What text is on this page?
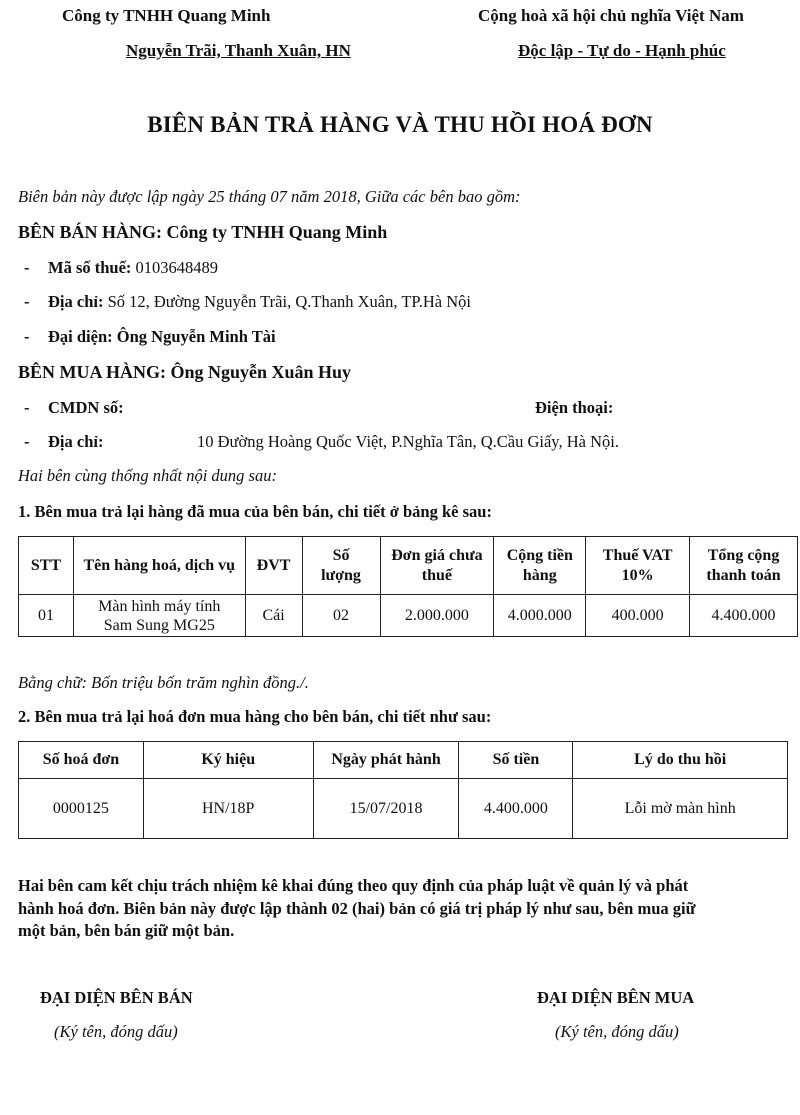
Công ty TNHH Quang Minh
Nguyễn Trãi, Thanh Xuân, HN
Cộng hoà xã hội chủ nghĩa Việt Nam
Độc lập - Tự do - Hạnh phúc
BIÊN BẢN TRẢ HÀNG VÀ THU HỒI HOÁ ĐƠN
Biên bản này được lập ngày 25 tháng 07 năm 2018, Giữa các bên bao gồm:
BÊN BÁN HÀNG: Công ty TNHH Quang Minh
- Mã số thuế: 0103648489
- Địa chỉ: Số 12, Đường Nguyễn Trãi, Q.Thanh Xuân, TP.Hà Nội
- Đại diện: Ông Nguyễn Minh Tài
BÊN MUA HÀNG: Ông Nguyễn Xuân Huy
- CMDN số:	Điện thoại:
- Địa chỉ:	10 Đường Hoàng Quốc Việt, P.Nghĩa Tân, Q.Cầu Giấy, Hà Nội.
Hai bên cùng thống nhất nội dung sau:
1. Bên mua trả lại hàng đã mua của bên bán, chi tiết ở bảng kê sau:
STT	Tên hàng hoá, dịch vụ	ĐVT	Số lượng	Đơn giá chưa thuế	Cộng tiền hàng	Thuế VAT 10%	Tổng cộng thanh toán
01	Màn hình máy tính Sam Sung MG25	Cái	02	2.000.000	4.000.000	400.000	4.400.000
Bằng chữ: Bốn triệu bốn trăm nghìn đồng./.
2. Bên mua trả lại hoá đơn mua hàng cho bên bán, chi tiết như sau:
Số hoá đơn	Ký hiệu	Ngày phát hành	Số tiền	Lý do thu hồi
0000125	HN/18P	15/07/2018	4.400.000	Lỗi mờ màn hình
Hai bên cam kết chịu trách nhiệm kê khai đúng theo quy định của pháp luật về quản lý và phát
hành hoá đơn. Biên bản này được lập thành 02 (hai) bản có giá trị pháp lý như sau, bên mua giữ
một bản, bên bán giữ một bản.
ĐẠI DIỆN BÊN BÁN
(Ký tên, đóng dấu)
ĐẠI DIỆN BÊN MUA
(Ký tên, đóng dấu)
